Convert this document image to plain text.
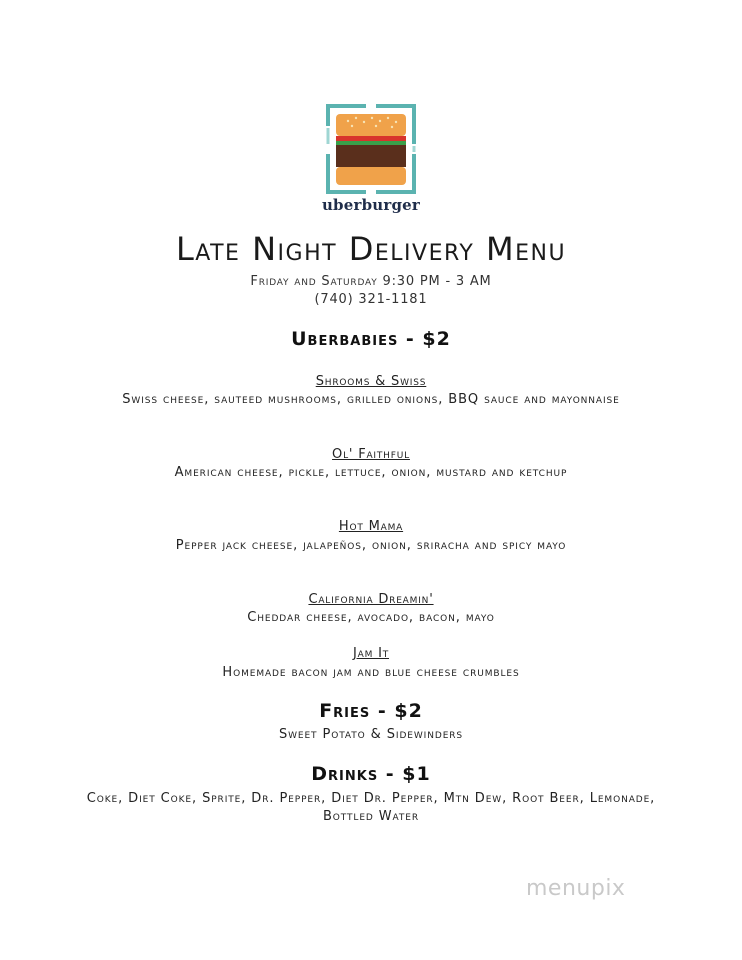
uberburger
Late Night Delivery Menu
Friday and Saturday 9:30 PM - 3 AM
(740) 321-1181
Uberbabies - $2
Shrooms & Swiss
Swiss cheese, sauteed mushrooms, grilled onions, BBQ sauce and mayonnaise
Ol' Faithful
American cheese, pickle, lettuce, onion, mustard and ketchup
Hot Mama
Pepper jack cheese, jalapeños, onion, sriracha and spicy mayo
California Dreamin'
Cheddar cheese, avocado, bacon, mayo
Jam It
Homemade bacon jam and blue cheese crumbles
Fries - $2
Sweet Potato & Sidewinders
Drinks - $1
Coke, Diet Coke, Sprite, Dr. Pepper, Diet Dr. Pepper, Mtn Dew, Root Beer, Lemonade, Bottled Water
menupix
